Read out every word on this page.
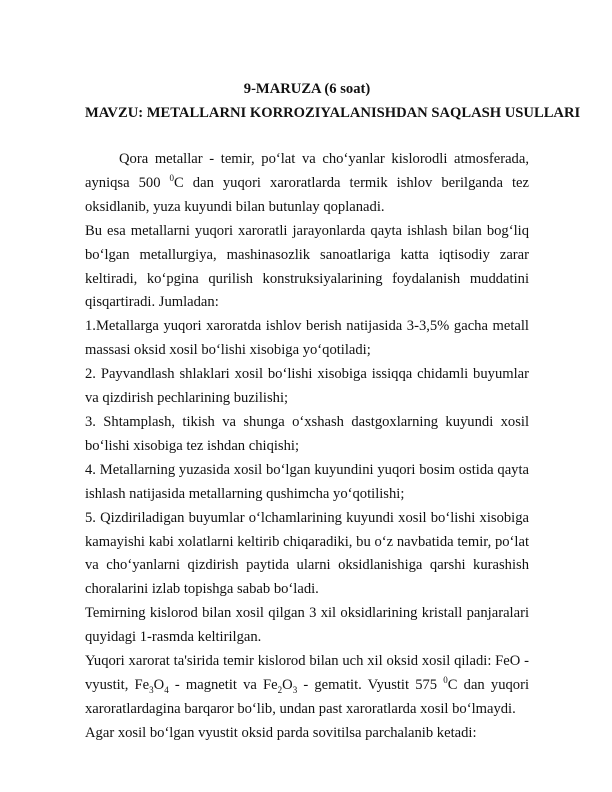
9-MARUZA (6 soat)

MAVZU: METALLARNI KORROZIYALANISHDAN SAQLASH USULLARI

Qora metallar - temir, po‘lat va cho‘yanlar kislorodli atmosferada, ayniqsa 500 $^0$C dan yuqori xaroratlarda termik ishlov berilganda tez oksidlanib, yuza kuyundi bilan butunlay qoplanadi.

Bu esa metallarni yuqori xaroratli jarayonlarda qayta ishlash bilan bog‘liq bo‘lgan metallurgiya, mashinasozlik sanoatlariga katta iqtisodiy zarar keltiradi, ko‘pgina qurilish konstruksiyalarining foydalanish muddatini qisqartiradi. Jumladan:

1.Metallarga yuqori xaroratda ishlov berish natijasida 3-3,5% gacha metall massasi oksid xosil bo‘lishi xisobiga yo‘qotiladi;

2. Payvandlash shlaklari xosil bo‘lishi xisobiga issiqqa chidamli buyumlar va qizdirish pechlarining buzilishi;

3. Shtamplash, tikish va shunga o‘xshash dastgoxlarning kuyundi xosil bo‘lishi xisobiga tez ishdan chiqishi;

4. Metallarning yuzasida xosil bo‘lgan kuyundini yuqori bosim ostida qayta ishlash natijasida metallarning qushimcha yo‘qotilishi;

5. Qizdiriladigan buyumlar o‘lchamlarining kuyundi xosil bo‘lishi xisobiga kamayishi kabi xolatlarni keltirib chiqaradiki, bu o‘z navbatida temir, po‘lat va cho‘yanlarni qizdirish paytida ularni oksidlanishiga qarshi kurashish choralarini izlab topishga sabab bo‘ladi.

Temirning kislorod bilan xosil qilgan 3 xil oksidlarining kristall panjaralari quyidagi 1-rasmda keltirilgan.

Yuqori xarorat ta'sirida temir kislorod bilan uch xil oksid xosil qiladi: FeO - vyustit, $Fe_3O_4$ - magnetit va $Fe_2O_3$ - gematit. Vyustit 575 $^0$C dan yuqori xaroratlardagina barqaror bo‘lib, undan past xaroratlarda xosil bo‘lmaydi.

Agar xosil bo‘lgan vyustit oksid parda sovitilsa parchalanib ketadi:
